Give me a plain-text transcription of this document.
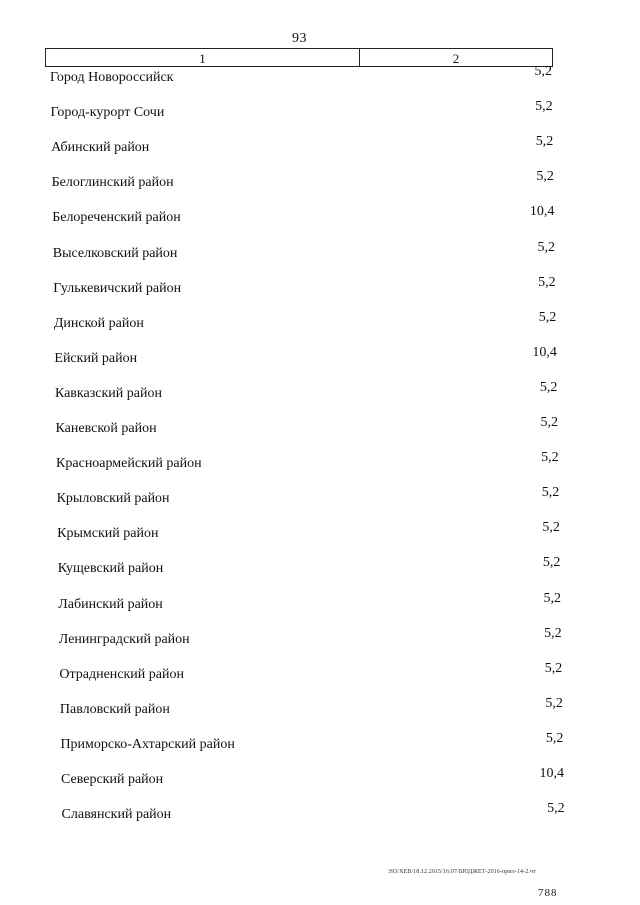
93
1	2
Город Новороссийск	5,2
Город-курорт Сочи	5,2
Абинский район	5,2
Белоглинский район	5,2
Белореченский район	10,4
Выселковский район	5,2
Гулькевичский район	5,2
Динской район	5,2
Ейский район	10,4
Кавказский район	5,2
Каневской район	5,2
Красноармейский район	5,2
Крыловский район	5,2
Крымский район	5,2
Кущевский район	5,2
Лабинский район	5,2
Ленинградский район	5,2
Отрадненский район	5,2
Павловский район	5,2
Приморско-Ахтарский район	5,2
Северский район	10,4
Славянский район	5,2
393/ХЕВ/18.12.2015/16:07/БЮДЖЕТ-2016-прил-14-2.чт
788
